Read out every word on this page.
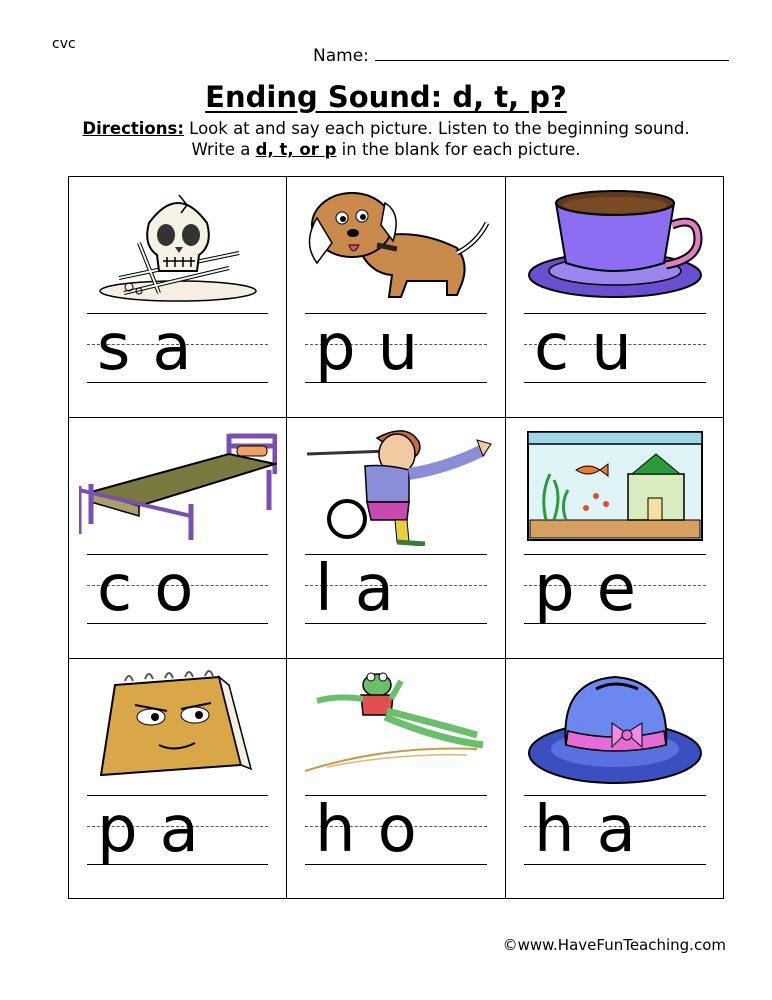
cvc
Name:
Ending Sound: d, t, p?
Directions: Look at and say each picture. Listen to the beginning sound.
Write a d, t, or p in the blank for each picture.
sa pu cu
co la pe
pa ho ha
©www.HaveFunTeaching.com
